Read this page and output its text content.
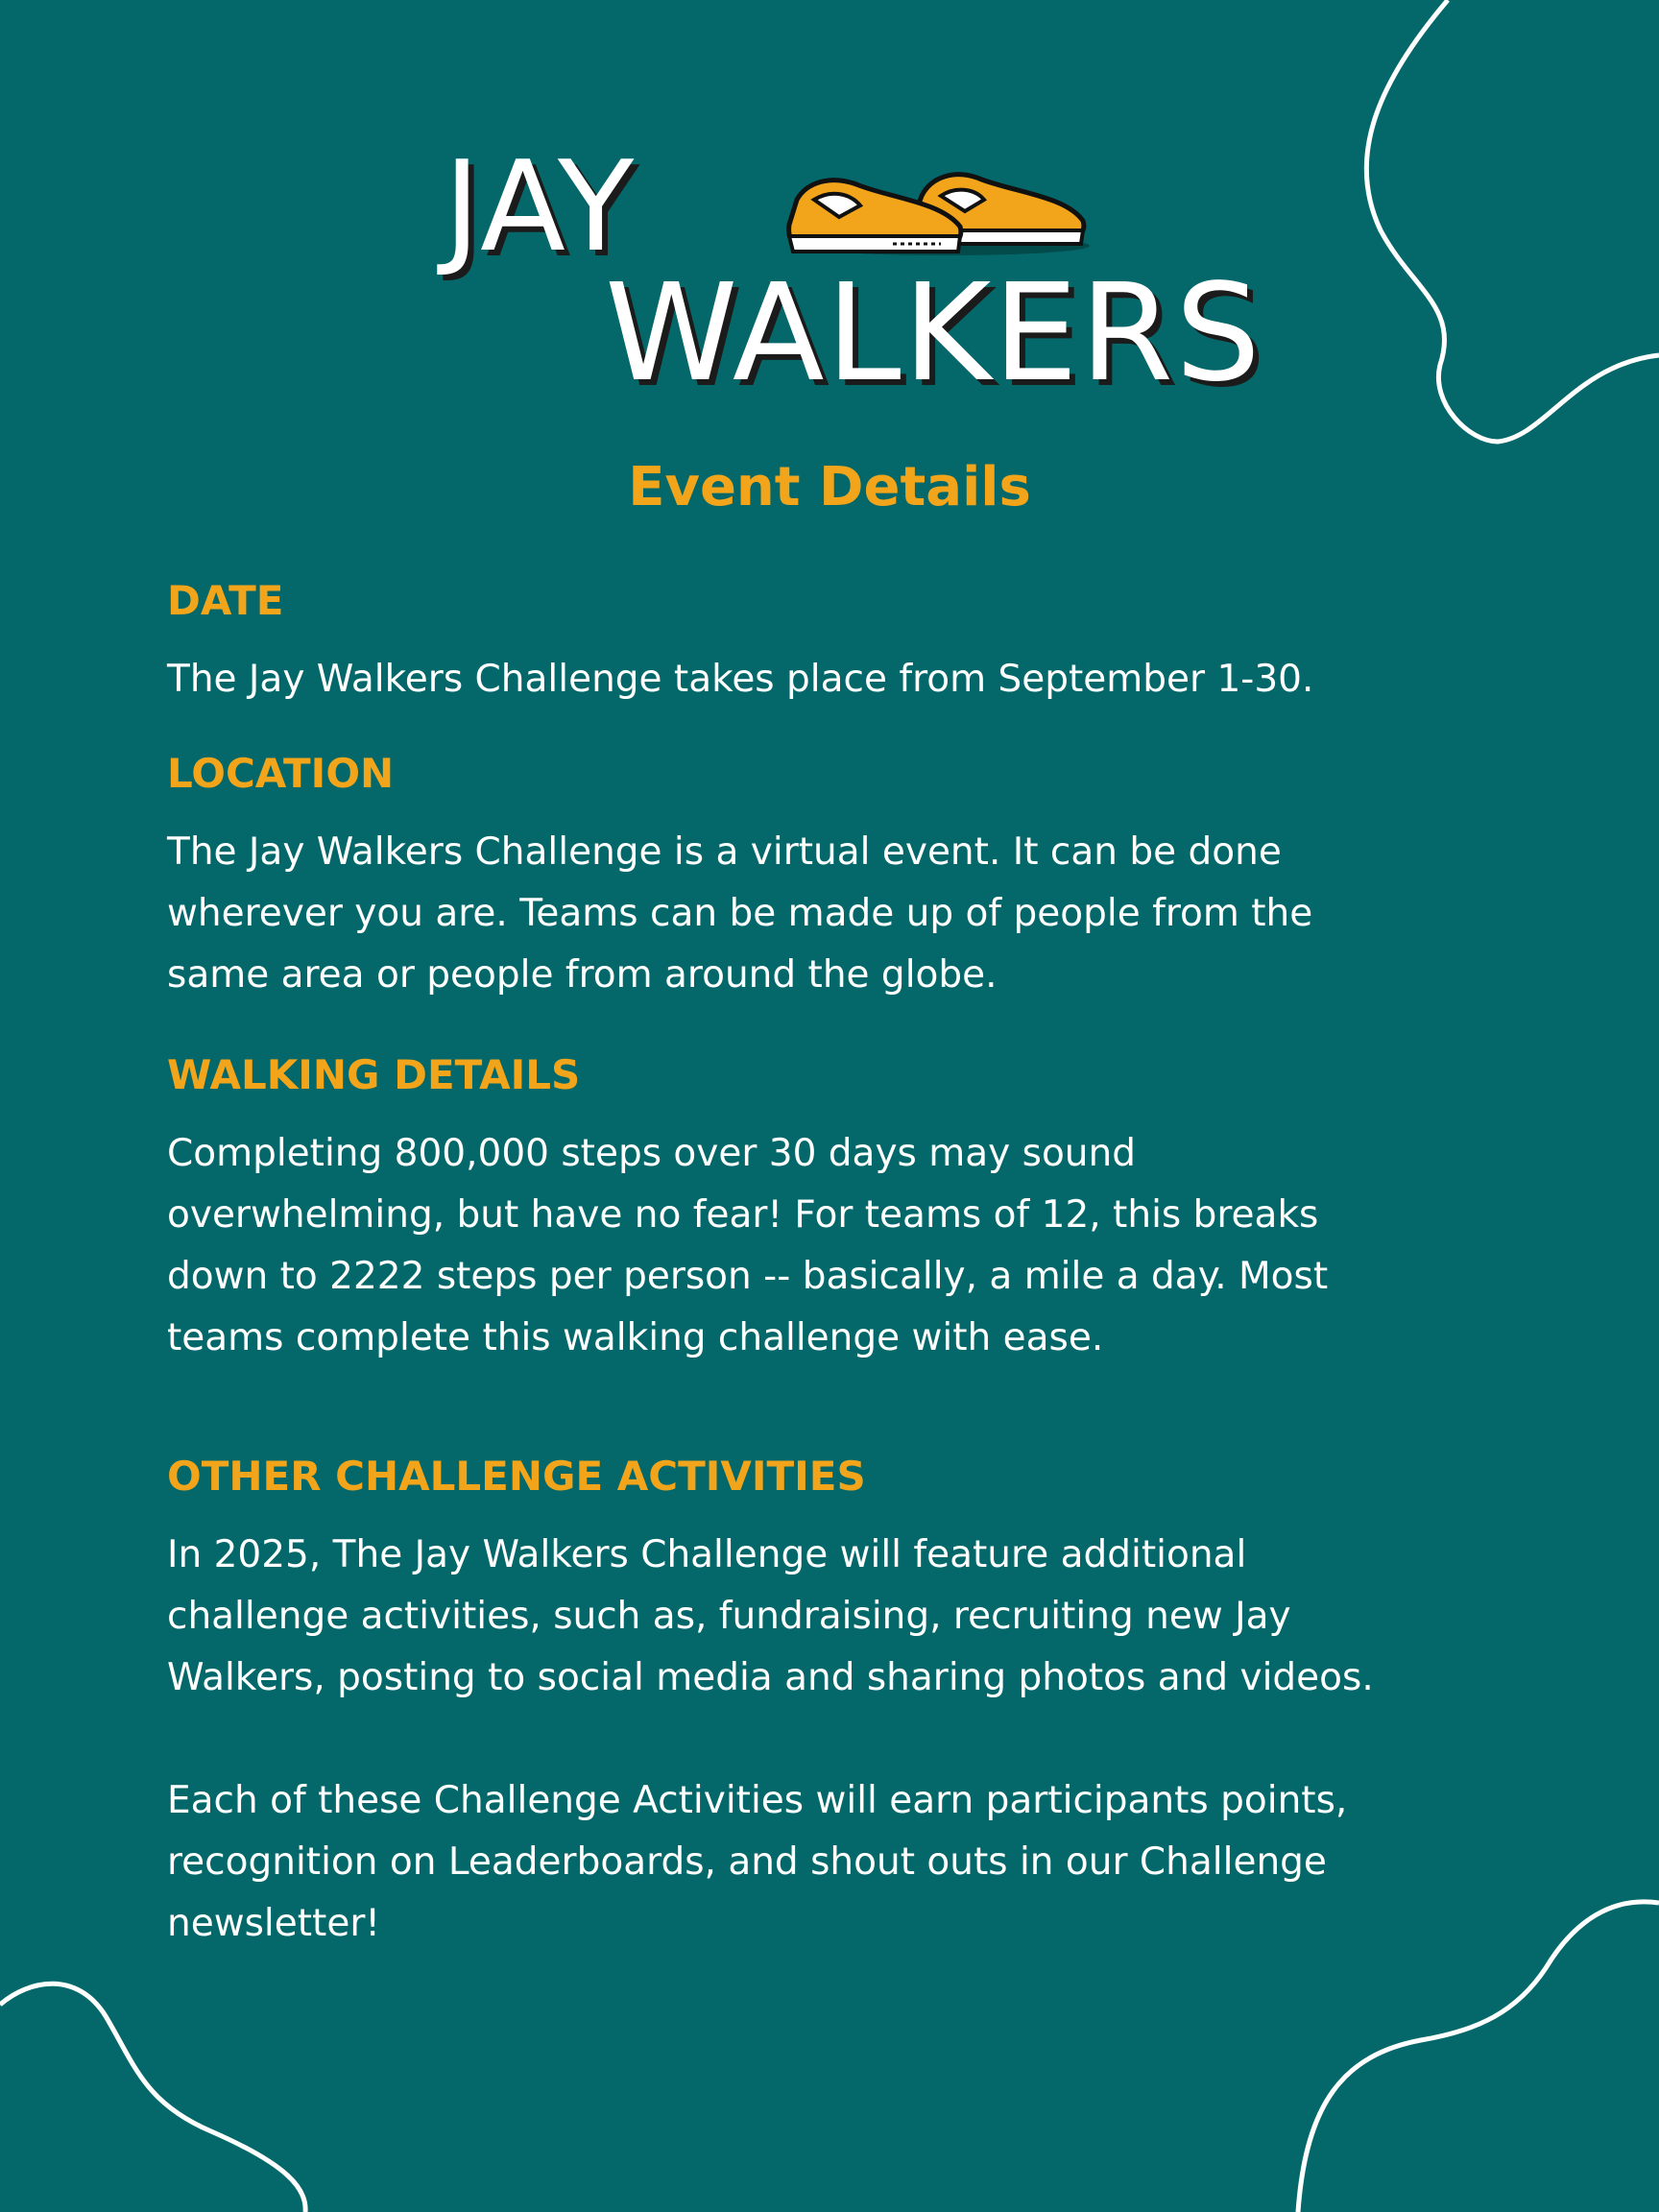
JAY
WALKERS
Event Details
DATE

The Jay Walkers Challenge takes place from September 1-30.

LOCATION

The Jay Walkers Challenge is a virtual event. It can be done
wherever you are. Teams can be made up of people from the
same area or people from around the globe.

WALKING DETAILS

Completing 800,000 steps over 30 days may sound
overwhelming, but have no fear! For teams of 12, this breaks
down to 2222 steps per person -- basically, a mile a day. Most
teams complete this walking challenge with ease.

OTHER CHALLENGE ACTIVITIES

In 2025, The Jay Walkers Challenge will feature additional
challenge activities, such as, fundraising, recruiting new Jay
Walkers, posting to social media and sharing photos and videos.

Each of these Challenge Activities will earn participants points,
recognition on Leaderboards, and shout outs in our Challenge
newsletter!
